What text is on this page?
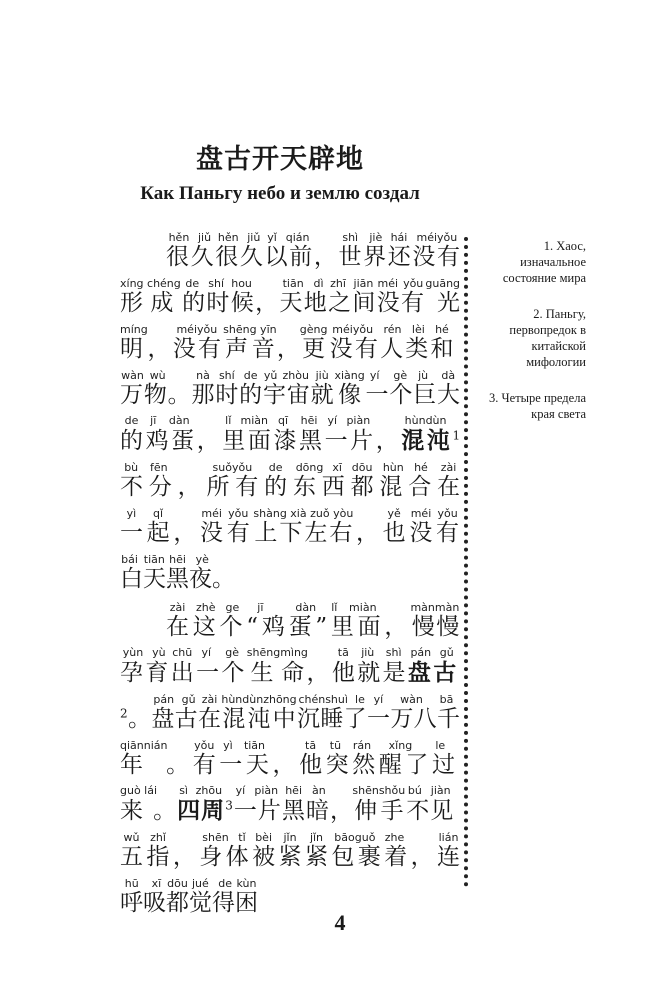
盘古开天辟地
Как Паньгу небо и землю создал

很久hěn jiǔ很久hěn jiǔ以前yǐ qián，世界shì jiè还没有hái méiyǒu形成xíng chéng的de时候shí hou，天地tiān dì之间zhī jiān没有méi yǒu光明guāng míng，没有méiyǒu声音shēng yīn，更gèng没有méiyǒu人类rén lèi和hé万物wàn wù。那nà时shí的de宇宙yǔ zhòu就jiù像xiàng一个yí gè巨大jù dà的de鸡蛋jī dàn，里面lǐ miàn漆黑qī hēi一片yí piàn，混沌hùndùn$^1$不分bù fēn，所有suǒyǒu的de东西dōng xī都dōu混合hùn hé在zài一起yì qǐ，没有méi yǒu上下左右shàng xià zuǒ yòu，也yě没有méi yǒu白天bái tiān黑夜hēi yè。

在zài这个zhè ge“鸡蛋”jī dàn里面lǐ miàn，慢慢mànmàn孕育yùn yù出chū一个yí gè生命shēngmìng，他tā就是jiù shì盘古pán $gǔ^2$。盘古pán gǔ在zài混沌中hùndùnzhōng沉睡了chénshuì le一万八千年yí wàn bā qiānnián。有yǒu一天yì tiān，他tā突然tū rán醒了过来xǐng le guò lái。四周sì zhōu$^3$一片yí piàn黑暗hēi àn，伸手shēnshǒu不见bú jiàn五指wǔ zhǐ，身体shēn tǐ被bèi紧紧jǐn jǐn包裹着bāoguǒ zhe，连lián呼吸hū xī都dōu觉得jué de困kùn

1. Хаос, изначальное состояние мира
2. Паньгу, первопредок в китайской мифологии
3. Четыре предела края света
4
